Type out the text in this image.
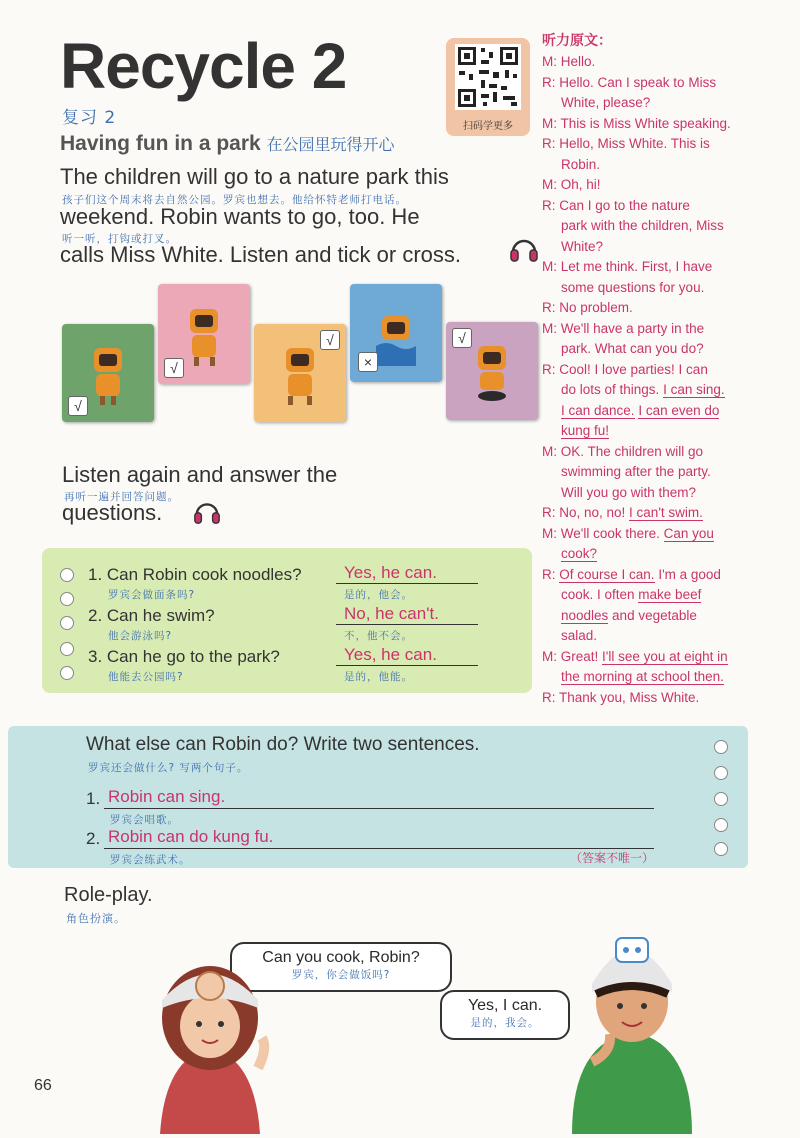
Recycle 2
复习 2
Having fun in a park 在公园里玩得开心
扫码学更多
The children will go to a nature park this
孩子们这个周末将去自然公园。罗宾也想去。他给怀特老师打电话。
weekend. Robin wants to go, too. He
听一听，打钩或打叉。
calls Miss White. Listen and tick or cross.
√
√
√
×
√
Listen again and answer the
再听一遍并回答问题。
questions.
1. Can Robin cook noodles?
罗宾会做面条吗?
Yes, he can.
是的，他会。
2. Can he swim?
他会游泳吗?
No, he can't.
不，他不会。
3. Can he go to the park?
他能去公园吗?
Yes, he can.
是的，他能。
听力原文：
M: Hello.
R: Hello. Can I speak to Miss
White, please?
M: This is Miss White speaking.
R: Hello, Miss White. This is
Robin.
M: Oh, hi!
R: Can I go to the nature
park with the children, Miss
White?
M: Let me think. First, I have
some questions for you.
R: No problem.
M: We'll have a party in the
park. What can you do?
R: Cool! I love parties! I can
do lots of things. I can sing.
I can dance. I can even do
kung fu!
M: OK. The children will go
swimming after the party.
Will you go with them?
R: No, no, no! I can't swim.
M: We'll cook there. Can you
cook?
R: Of course I can. I'm a good
cook. I often make beef
noodles and vegetable
salad.
M: Great! I'll see you at eight in
the morning at school then.
R: Thank you, Miss White.
What else can Robin do? Write two sentences.
罗宾还会做什么? 写两个句子。
1. Robin can sing.
罗宾会唱歌。
2. Robin can do kung fu.
罗宾会练武术。	（答案不唯一）
Role-play.
角色扮演。
Can you cook, Robin?
罗宾，你会做饭吗?
Yes, I can.
是的，我会。
66
